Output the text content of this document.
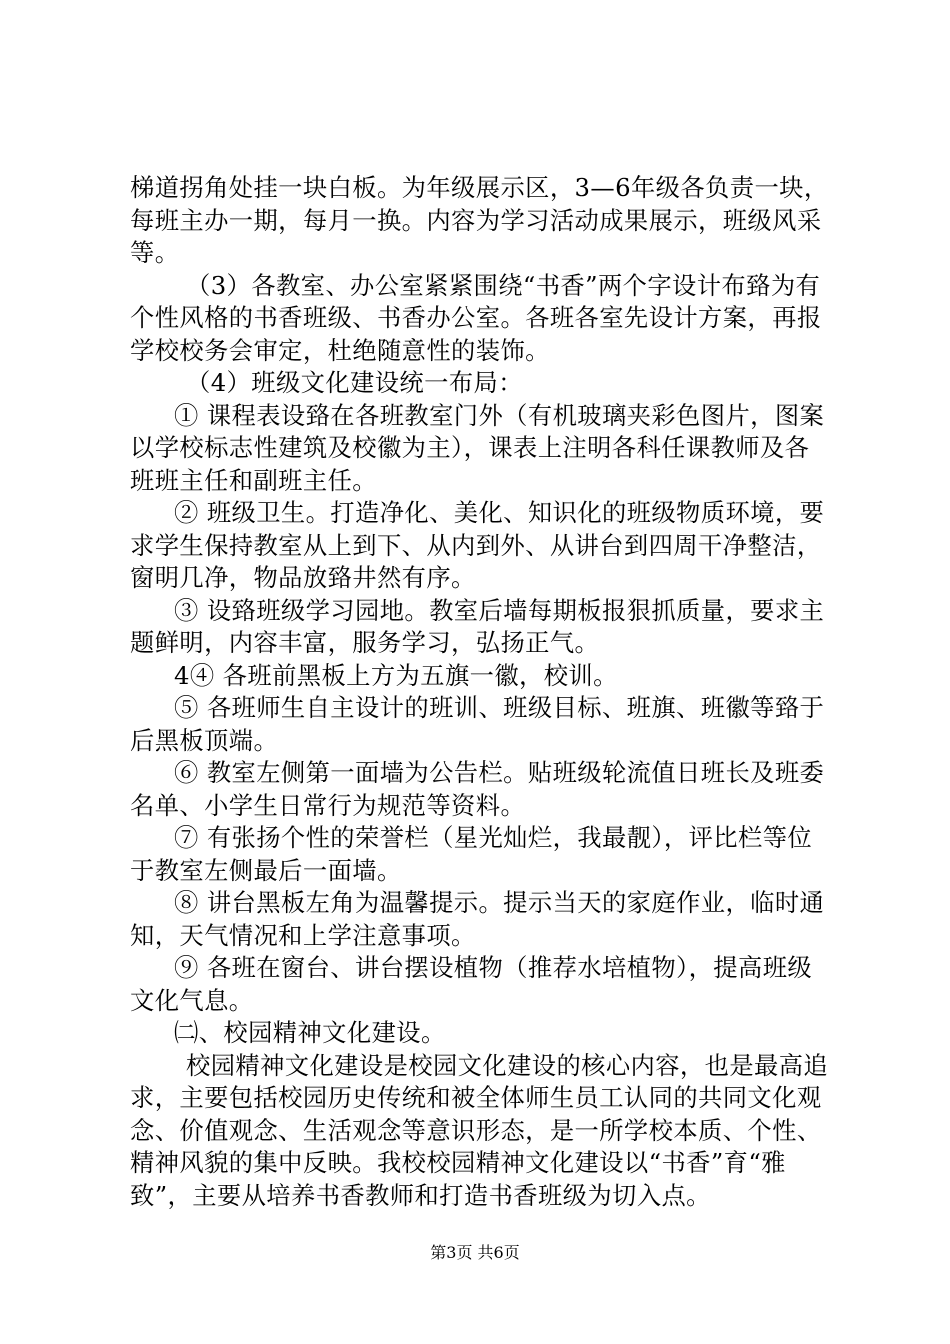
梯道拐角处挂一块白板。为年级展示区，3—6年级各负责一块，每班主办一期，每月一换。内容为学习活动成果展示，班级风采等。

（3）各教室、办公室紧紧围绕“书香”两个字设计布臵为有个性风格的书香班级、书香办公室。各班各室先设计方案，再报学校校务会审定，杜绝随意性的装饰。

（4）班级文化建设统一布局：

① 课程表设臵在各班教室门外（有机玻璃夹彩色图片，图案以学校标志性建筑及校徽为主），课表上注明各科任课教师及各班班主任和副班主任。

② 班级卫生。打造净化、美化、知识化的班级物质环境，要求学生保持教室从上到下、从内到外、从讲台到四周干净整洁，窗明几净，物品放臵井然有序。

③ 设臵班级学习园地。教室后墙每期板报狠抓质量，要求主题鲜明，内容丰富，服务学习，弘扬正气。

4④ 各班前黑板上方为五旗一徽，校训。

⑤ 各班师生自主设计的班训、班级目标、班旗、班徽等臵于后黑板顶端。

⑥ 教室左侧第一面墙为公告栏。贴班级轮流值日班长及班委名单、小学生日常行为规范等资料。

⑦ 有张扬个性的荣誉栏（星光灿烂，我最靓），评比栏等位于教室左侧最后一面墙。

⑧ 讲台黑板左角为温馨提示。提示当天的家庭作业，临时通知，天气情况和上学注意事项。

⑨ 各班在窗台、讲台摆设植物（推荐水培植物），提高班级文化气息。

㈡、校园精神文化建设。

校园精神文化建设是校园文化建设的核心内容，也是最高追求，主要包括校园历史传统和被全体师生员工认同的共同文化观念、价值观念、生活观念等意识形态，是一所学校本质、个性、精神风貌的集中反映。我校校园精神文化建设以“书香”育“雅致”，主要从培养书香教师和打造书香班级为切入点。

第3页 共6页
